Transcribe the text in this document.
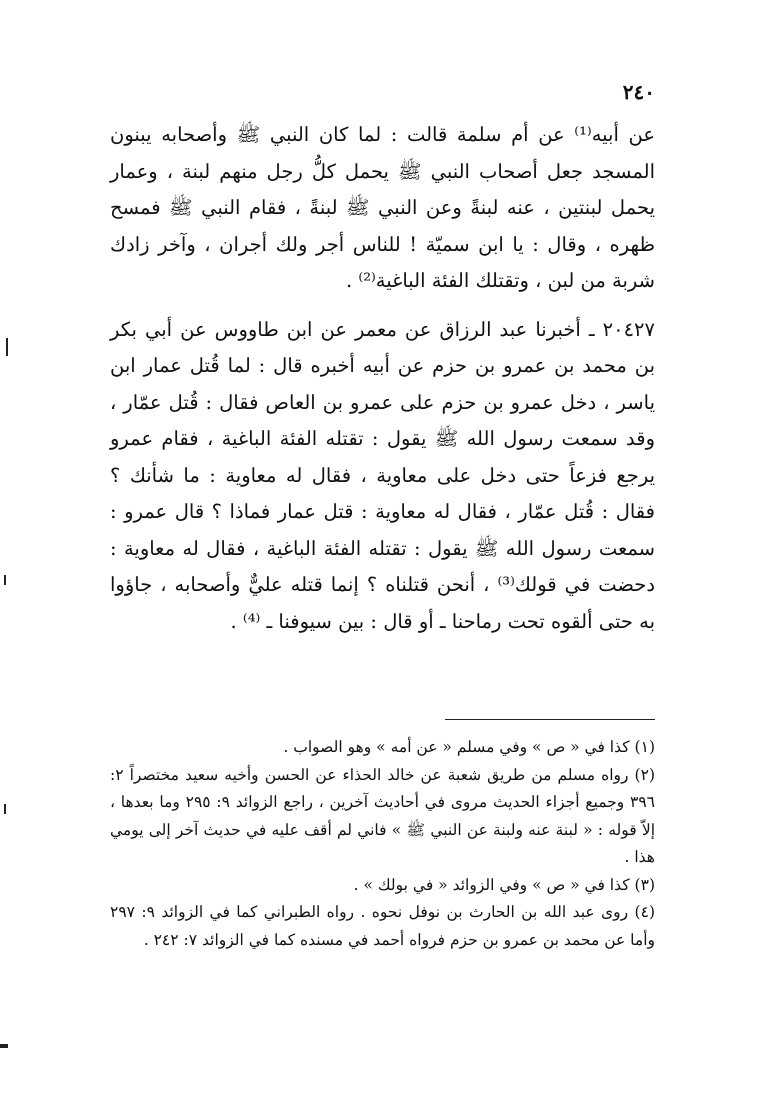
٢٤٠

عن أبيه⁽¹⁾ عن أم سلمة قالت : لما كان النبي ﷺ وأصحابه يبنون المسجد جعل أصحاب النبي ﷺ يحمل كلُّ رجل منهم لبنة ، وعمار يحمل لبنتين ، عنه لبنةً وعن النبي ﷺ لبنةً ، فقام النبي ﷺ فمسح ظهره ، وقال : يا ابن سميّة ! للناس أجر ولك أجران ، وآخر زادك شربة من لبن ، وتقتلك الفئة الباغية⁽²⁾ .

٢٠٤٢٧ ـ أخبرنا عبد الرزاق عن معمر عن ابن طاووس عن أبي بكر بن محمد بن عمرو بن حزم عن أبيه أخبره قال : لما قُتل عمار ابن ياسر ، دخل عمرو بن حزم على عمرو بن العاص فقال : قُتل عمّار ، وقد سمعت رسول الله ﷺ يقول : تقتله الفئة الباغية ، فقام عمرو يرجع فزعاً حتى دخل على معاوية ، فقال له معاوية : ما شأنك ؟ فقال : قُتل عمّار ، فقال له معاوية : قتل عمار فماذا ؟ قال عمرو : سمعت رسول الله ﷺ يقول : تقتله الفئة الباغية ، فقال له معاوية : دحضت في قولك⁽³⁾ ، أنحن قتلناه ؟ إنما قتله عليٌّ وأصحابه ، جاؤوا به حتى ألقوه تحت رماحنا ـ أو قال : بين سيوفنا ـ ⁽⁴⁾ .

(١) كذا في « ص » وفي مسلم « عن أمه » وهو الصواب .

(٢) رواه مسلم من طريق شعبة عن خالد الحذاء عن الحسن وأخيه سعيد مختصراً ٢: ٣٩٦ وجميع أجزاء الحديث مروى في أحاديث آخرين ، راجع الزوائد ٩: ٢٩٥ وما بعدها ، إلاّ قوله : « لبنة عنه ولبنة عن النبي ﷺ » فاني لم أقف عليه في حديث آخر إلى يومي هذا .

(٣) كذا في « ص » وفي الزوائد « في بولك » .

(٤) روى عبد الله بن الحارث بن نوفل نحوه . رواه الطبراني كما في الزوائد ٩: ٢٩٧ وأما عن محمد بن عمرو بن حزم فرواه أحمد في مسنده كما في الزوائد ٧: ٢٤٢ .
